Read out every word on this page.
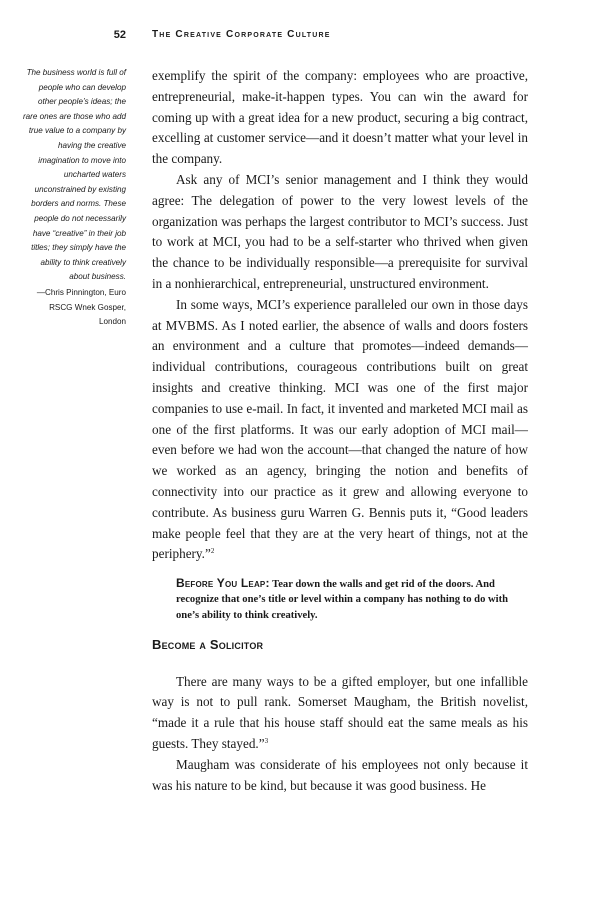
52	The Creative Corporate Culture
The business world is full of people who can develop other people’s ideas; the rare ones are those who add true value to a company by having the creative imagination to move into uncharted waters unconstrained by existing borders and norms. These people do not necessarily have “creative” in their job titles; they simply have the ability to think creatively about business.
—Chris Pinnington, Euro RSCG Wnek Gosper, London

exemplify the spirit of the company: employees who are proactive, entrepreneurial, make-it-happen types. You can win the award for coming up with a great idea for a new product, securing a big contract, excelling at customer service—and it doesn’t matter what your level in the company.

Ask any of MCI’s senior management and I think they would agree: The delegation of power to the very lowest levels of the organization was perhaps the largest contributor to MCI’s success. Just to work at MCI, you had to be a self-starter who thrived when given the chance to be individually responsible—a prerequisite for survival in a nonhierarchical, entrepreneurial, unstructured environment.

In some ways, MCI’s experience paralleled our own in those days at MVBMS. As I noted earlier, the absence of walls and doors fosters an environment and a culture that promotes—indeed demands—individual contributions, courageous contributions built on great insights and creative thinking. MCI was one of the first major companies to use e-mail. In fact, it invented and marketed MCI mail as one of the first platforms. It was our early adoption of MCI mail—even before we had won the account—that changed the nature of how we worked as an agency, bringing the notion and benefits of connectivity into our practice as it grew and allowing everyone to contribute. As business guru Warren G. Bennis puts it, “Good leaders make people feel that they are at the very heart of things, not at the periphery.”$^2$

Before You Leap: Tear down the walls and get rid of the doors. And recognize that one’s title or level within a company has nothing to do with one’s ability to think creatively.
Become a Solicitor

There are many ways to be a gifted employer, but one infallible way is not to pull rank. Somerset Maugham, the British novelist, “made it a rule that his house staff should eat the same meals as his guests. They stayed.”$^3$

Maugham was considerate of his employees not only because it was his nature to be kind, but because it was good business. He
